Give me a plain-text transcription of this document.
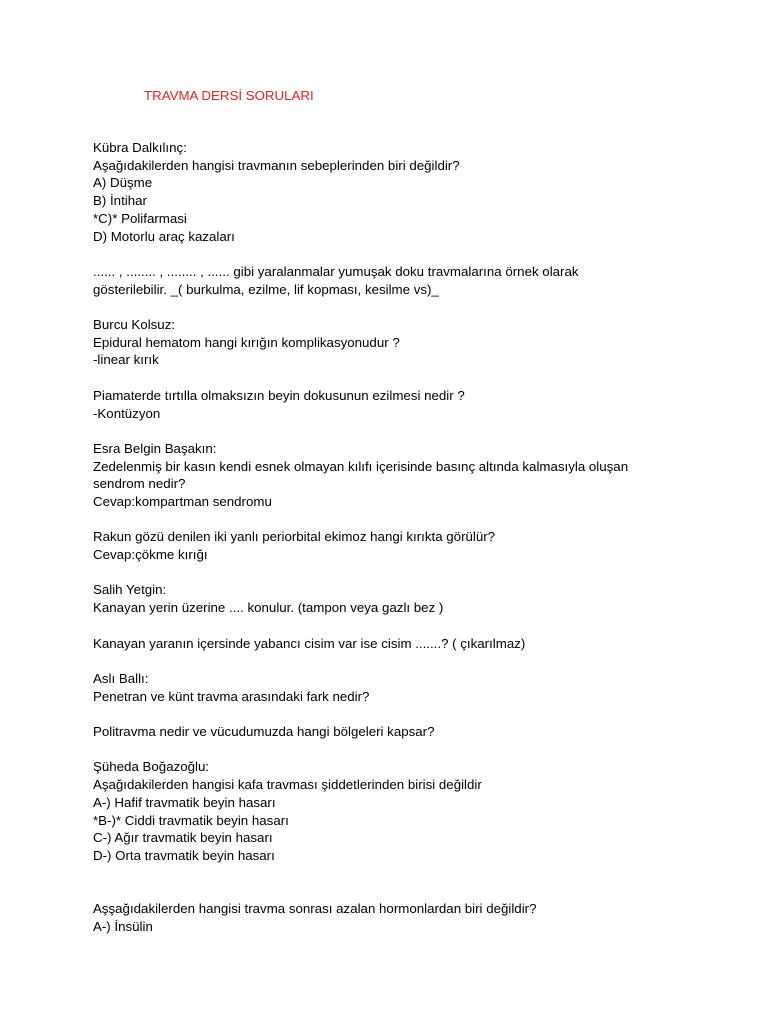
TRAVMA DERSİ SORULARI
Kübra Dalkılınç:
Aşağıdakilerden hangisi travmanın sebeplerinden biri değildir?
A) Düşme
B) İntihar
*C)* Polifarmasi
D) Motorlu araç kazaları
...... , ........ , ........ , ...... gibi yaralanmalar yumuşak doku travmalarına örnek olarak
gösterilebilir. _( burkulma, ezilme, lif kopması, kesilme vs)_
Burcu Kolsuz:
Epidural hematom hangi kırığın komplikasyonudur ?
-linear kırık
Piamaterde tırtılla olmaksızın beyin dokusunun ezilmesi nedir ?
-Kontüzyon
Esra Belgin Başakın:
Zedelenmiş bir kasın kendi esnek olmayan kılıfı içerisinde basınç altında kalmasıyla oluşan
sendrom nedir?
Cevap:kompartman sendromu
Rakun gözü denilen iki yanlı periorbital ekimoz hangi kırıkta görülür?
Cevap:çökme kırığı
Salih Yetgin:
Kanayan yerin üzerine .... konulur. (tampon veya gazlı bez )
Kanayan yaranın içersinde yabancı cisim var ise cisim .......? ( çıkarılmaz)
Aslı Ballı:
Penetran ve künt travma arasındaki fark nedir?
Politravma nedir ve vücudumuzda hangi bölgeleri kapsar?
Şüheda Boğazoğlu:
Aşağıdakilerden hangisi kafa travması şiddetlerinden birisi değildir
A-) Hafif travmatik beyin hasarı
*B-)* Ciddi travmatik beyin hasarı
C-) Ağır travmatik beyin hasarı
D-) Orta travmatik beyin hasarı
Aşşağıdakilerden hangisi travma sonrası azalan hormonlardan biri değildir?
A-) İnsülin
